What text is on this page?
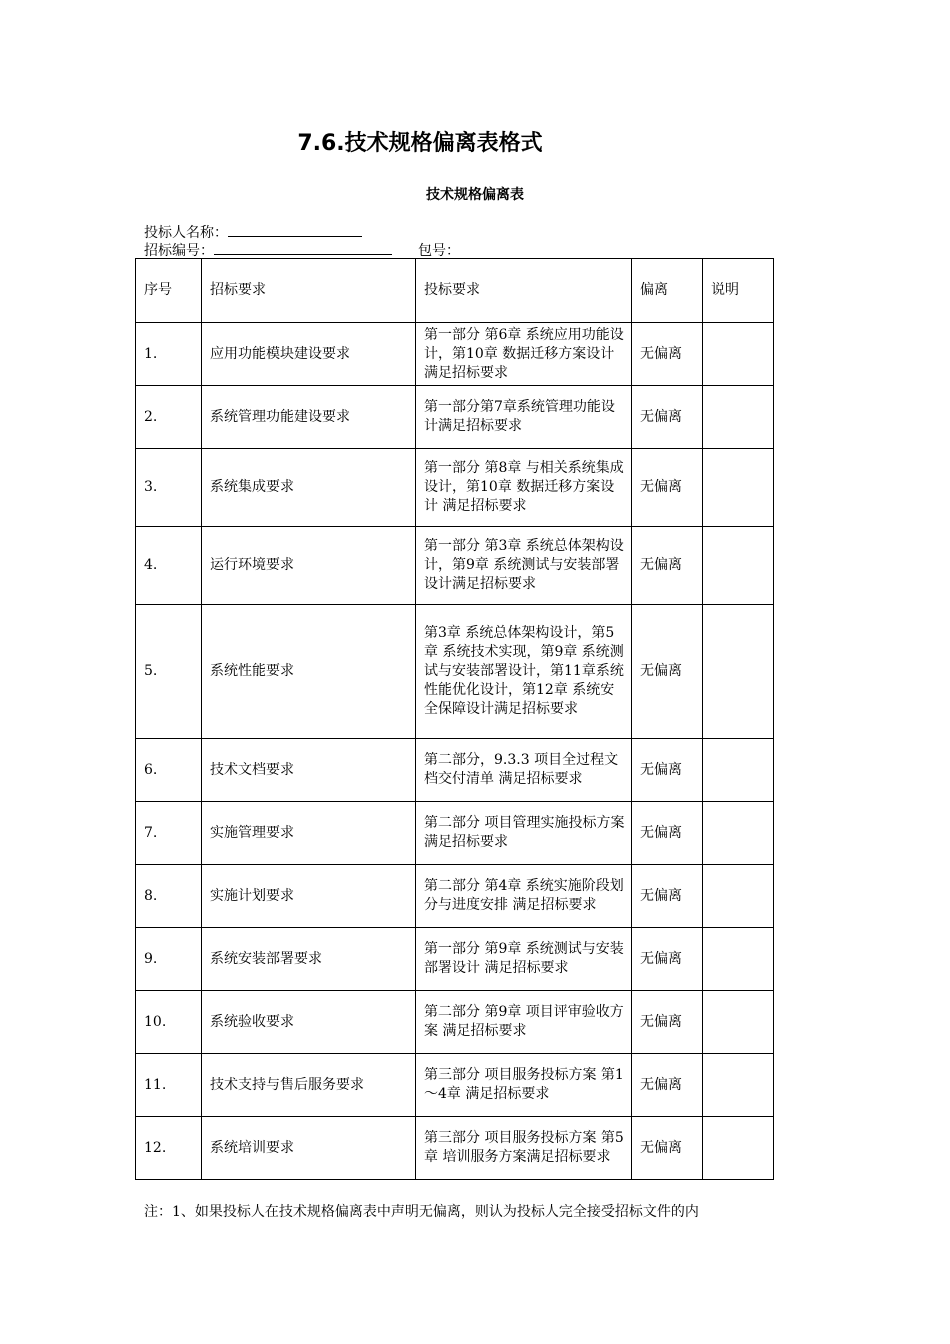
7.6.技术规格偏离表格式
技术规格偏离表
投标人名称：
招标编号：	包号：
序号	招标要求	投标要求	偏离	说明
1.	应用功能模块建设要求	第一部分 第6章 系统应用功能设计，第10章 数据迁移方案设计满足招标要求	无偏离	
2.	系统管理功能建设要求	第一部分第7章系统管理功能设计满足招标要求	无偏离	
3.	系统集成要求	第一部分 第8章 与相关系统集成设计，第10章 数据迁移方案设计 满足招标要求	无偏离	
4.	运行环境要求	第一部分 第3章 系统总体架构设计，第9章 系统测试与安装部署设计满足招标要求	无偏离	
5.	系统性能要求	第3章 系统总体架构设计，第5章 系统技术实现，第9章 系统测试与安装部署设计，第11章系统性能优化设计，第12章 系统安全保障设计满足招标要求	无偏离	
6.	技术文档要求	第二部分，9.3.3 项目全过程文档交付清单 满足招标要求	无偏离	
7.	实施管理要求	第二部分 项目管理实施投标方案 满足招标要求	无偏离	
8.	实施计划要求	第二部分 第4章 系统实施阶段划分与进度安排 满足招标要求	无偏离	
9.	系统安装部署要求	第一部分 第9章 系统测试与安装部署设计 满足招标要求	无偏离	
10.	系统验收要求	第二部分 第9章 项目评审验收方案 满足招标要求	无偏离	
11.	技术支持与售后服务要求	第三部分 项目服务投标方案 第1～4章 满足招标要求	无偏离	
12.	系统培训要求	第三部分 项目服务投标方案 第5章 培训服务方案满足招标要求	无偏离	
注：1、如果投标人在技术规格偏离表中声明无偏离，则认为投标人完全接受招标文件的内
